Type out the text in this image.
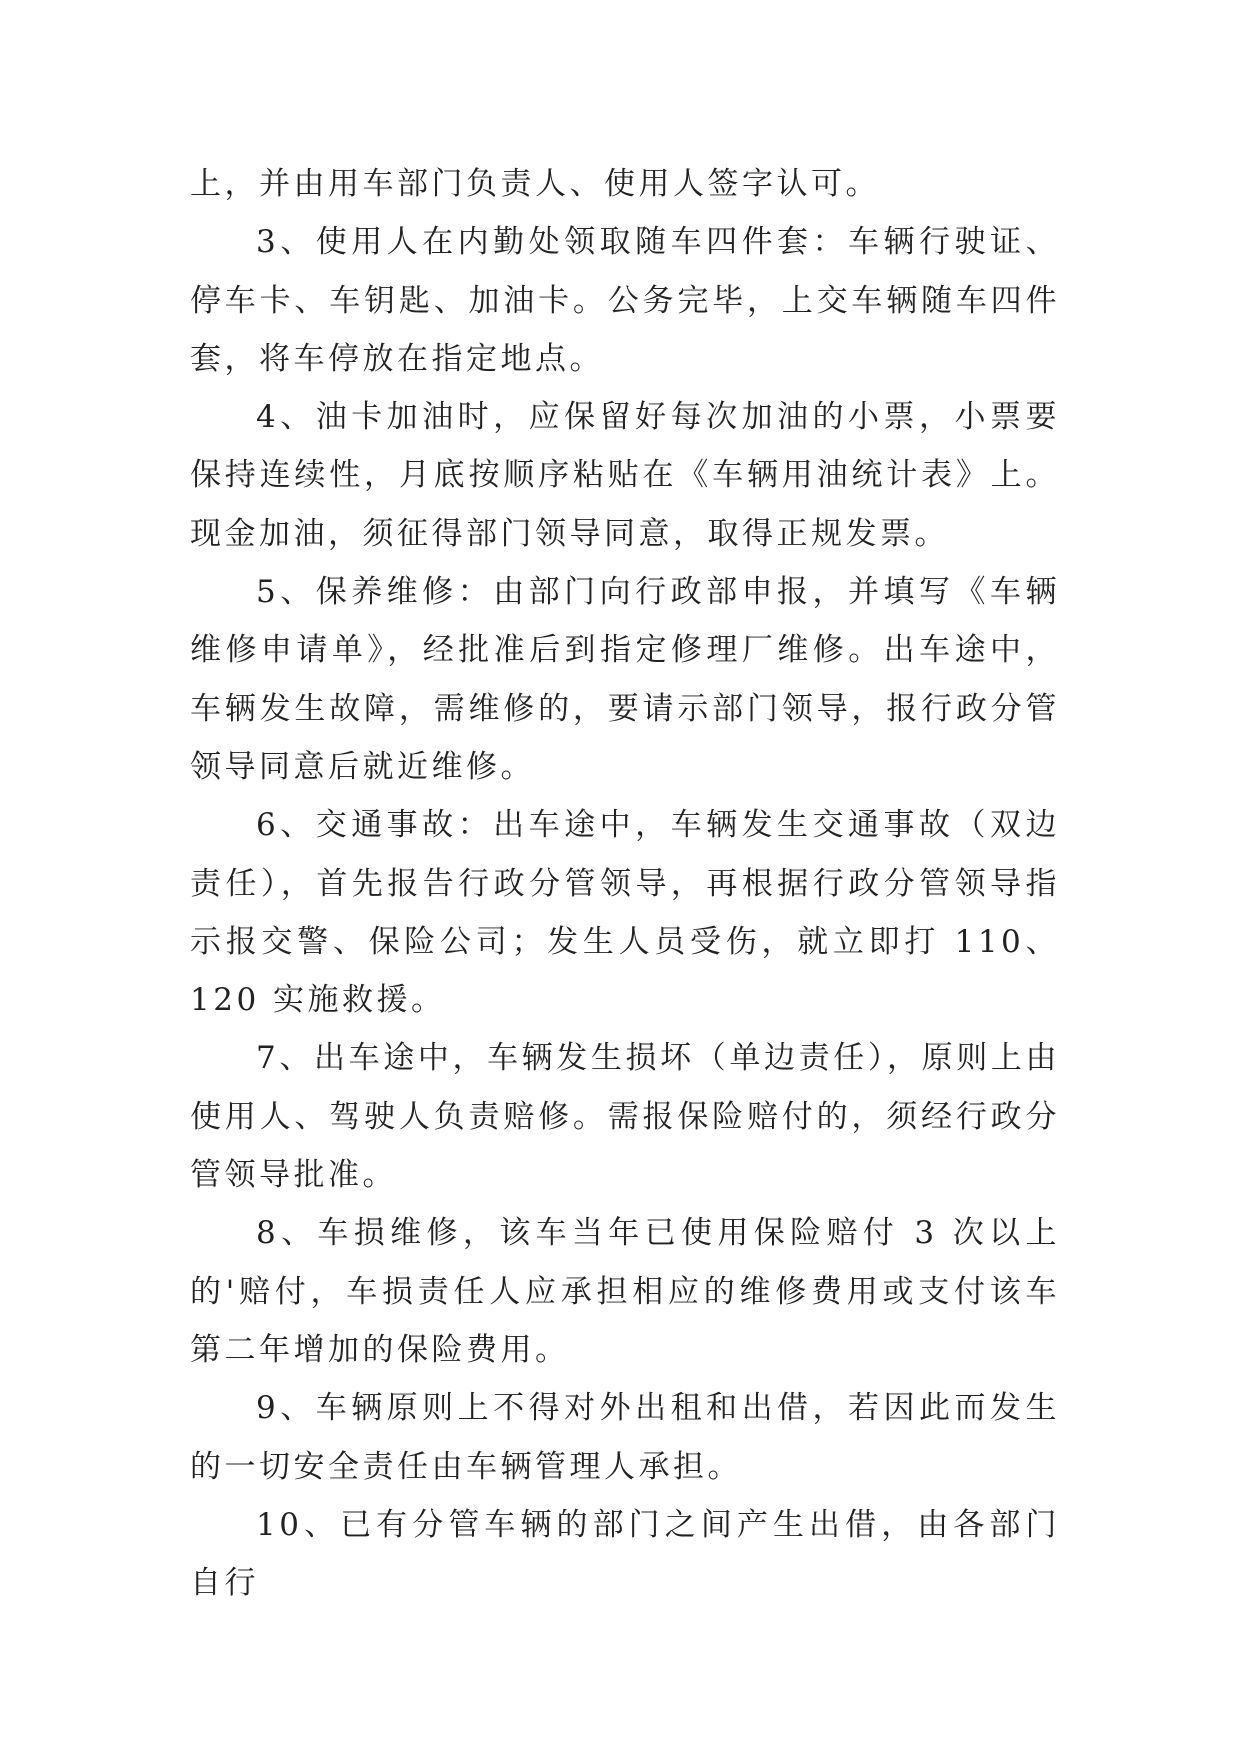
上，并由用车部门负责人、使用人签字认可。

3、使用人在内勤处领取随车四件套：车辆行驶证、停车卡、车钥匙、加油卡。公务完毕，上交车辆随车四件套，将车停放在指定地点。

4、油卡加油时，应保留好每次加油的小票，小票要保持连续性，月底按顺序粘贴在《车辆用油统计表》上。现金加油，须征得部门领导同意，取得正规发票。

5、保养维修：由部门向行政部申报，并填写《车辆维修申请单》，经批准后到指定修理厂维修。出车途中，车辆发生故障，需维修的，要请示部门领导，报行政分管领导同意后就近维修。

6、交通事故：出车途中，车辆发生交通事故（双边责任），首先报告行政分管领导，再根据行政分管领导指示报交警、保险公司；发生人员受伤，就立即打 110、120 实施救援。

7、出车途中，车辆发生损坏（单边责任），原则上由使用人、驾驶人负责赔修。需报保险赔付的，须经行政分管领导批准。

8、车损维修，该车当年已使用保险赔付 3 次以上的'赔付，车损责任人应承担相应的维修费用或支付该车第二年增加的保险费用。

9、车辆原则上不得对外出租和出借，若因此而发生的一切安全责任由车辆管理人承担。

10、已有分管车辆的部门之间产生出借，由各部门自行
